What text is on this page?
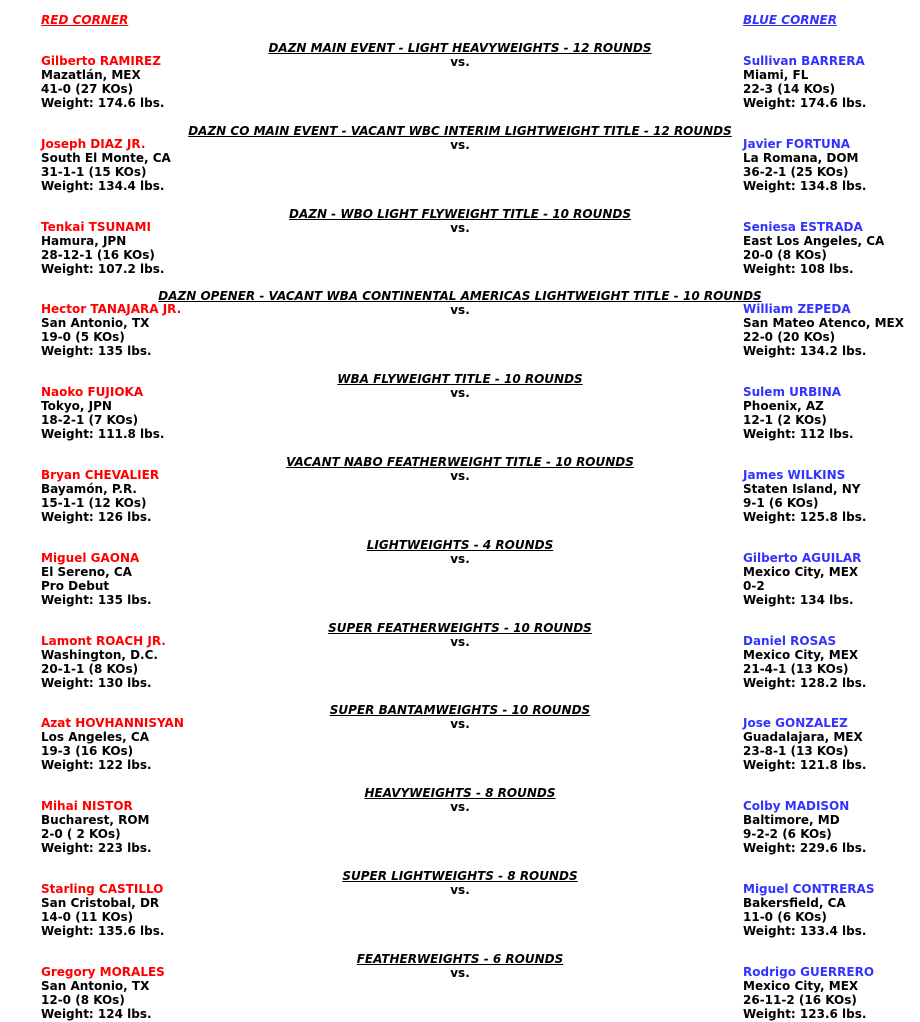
RED CORNER	BLUE CORNER
DAZN MAIN EVENT - LIGHT HEAVYWEIGHTS - 12 ROUNDS
vs.
Gilberto RAMIREZ
Mazatlán, MEX
41-0 (27 KOs)
Weight: 174.6 lbs.
Sullivan BARRERA
Miami, FL
22-3 (14 KOs)
Weight: 174.6 lbs.
DAZN CO MAIN EVENT - VACANT WBC INTERIM LIGHTWEIGHT TITLE - 12 ROUNDS
vs.
Joseph DIAZ JR.
South El Monte, CA
31-1-1 (15 KOs)
Weight: 134.4 lbs.
Javier FORTUNA
La Romana, DOM
36-2-1 (25 KOs)
Weight: 134.8 lbs.
DAZN - WBO LIGHT FLYWEIGHT TITLE - 10 ROUNDS
vs.
Tenkai TSUNAMI
Hamura, JPN
28-12-1 (16 KOs)
Weight: 107.2 lbs.
Seniesa ESTRADA
East Los Angeles, CA
20-0 (8 KOs)
Weight: 108 lbs.
DAZN OPENER - VACANT WBA CONTINENTAL AMERICAS LIGHTWEIGHT TITLE - 10 ROUNDS
vs.
Hector TANAJARA JR.
San Antonio, TX
19-0 (5 KOs)
Weight: 135 lbs.
William ZEPEDA
San Mateo Atenco, MEX
22-0 (20 KOs)
Weight: 134.2 lbs.
WBA FLYWEIGHT TITLE - 10 ROUNDS
vs.
Naoko FUJIOKA
Tokyo, JPN
18-2-1 (7 KOs)
Weight: 111.8 lbs.
Sulem URBINA
Phoenix, AZ
12-1 (2 KOs)
Weight: 112 lbs.
VACANT NABO FEATHERWEIGHT TITLE - 10 ROUNDS
vs.
Bryan CHEVALIER
Bayamón, P.R.
15-1-1 (12 KOs)
Weight: 126 lbs.
James WILKINS
Staten Island, NY
9-1 (6 KOs)
Weight: 125.8 lbs.
LIGHTWEIGHTS - 4 ROUNDS
vs.
Miguel GAONA
El Sereno, CA
Pro Debut
Weight: 135 lbs.
Gilberto AGUILAR
Mexico City, MEX
0-2
Weight: 134 lbs.
SUPER FEATHERWEIGHTS - 10 ROUNDS
vs.
Lamont ROACH JR.
Washington, D.C.
20-1-1 (8 KOs)
Weight: 130 lbs.
Daniel ROSAS
Mexico City, MEX
21-4-1 (13 KOs)
Weight: 128.2 lbs.
SUPER BANTAMWEIGHTS - 10 ROUNDS
vs.
Azat HOVHANNISYAN
Los Angeles, CA
19-3 (16 KOs)
Weight: 122 lbs.
Jose GONZALEZ
Guadalajara, MEX
23-8-1 (13 KOs)
Weight: 121.8 lbs.
HEAVYWEIGHTS - 8 ROUNDS
vs.
Mihai NISTOR
Bucharest, ROM
2-0 ( 2 KOs)
Weight: 223 lbs.
Colby MADISON
Baltimore, MD
9-2-2 (6 KOs)
Weight: 229.6 lbs.
SUPER LIGHTWEIGHTS - 8 ROUNDS
vs.
Starling CASTILLO
San Cristobal, DR
14-0 (11 KOs)
Weight: 135.6 lbs.
Miguel CONTRERAS
Bakersfield, CA
11-0 (6 KOs)
Weight: 133.4 lbs.
FEATHERWEIGHTS - 6 ROUNDS
vs.
Gregory MORALES
San Antonio, TX
12-0 (8 KOs)
Weight: 124 lbs.
Rodrigo GUERRERO
Mexico City, MEX
26-11-2 (16 KOs)
Weight: 123.6 lbs.
